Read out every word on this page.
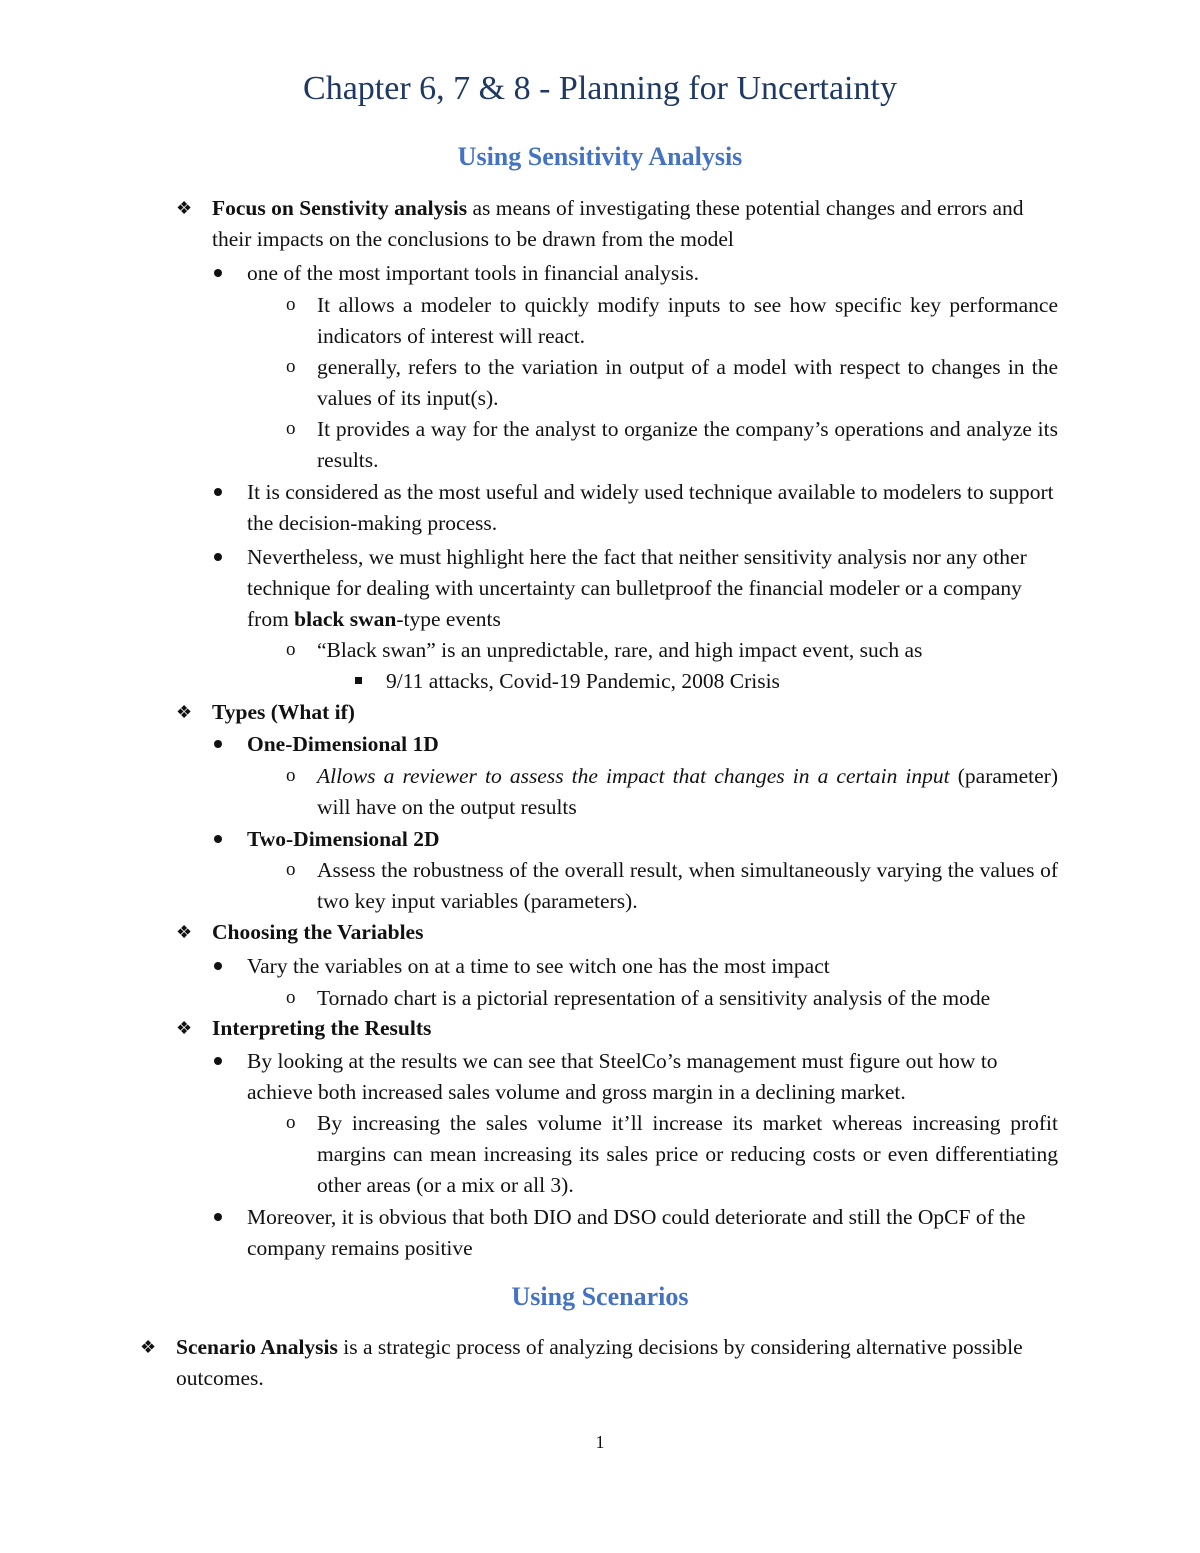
Chapter 6, 7 & 8 - Planning for Uncertainty
Using Sensitivity Analysis
❖ Focus on Senstivity analysis as means of investigating these potential changes and errors and their impacts on the conclusions to be drawn from the model
one of the most important tools in financial analysis.
o It allows a modeler to quickly modify inputs to see how specific key performance indicators of interest will react.
o generally, refers to the variation in output of a model with respect to changes in the values of its input(s).
o It provides a way for the analyst to organize the company’s operations and analyze its results.
It is considered as the most useful and widely used technique available to modelers to support the decision-making process.
Nevertheless, we must highlight here the fact that neither sensitivity analysis nor any other technique for dealing with uncertainty can bulletproof the financial modeler or a company from black swan-type events
o “Black swan” is an unpredictable, rare, and high impact event, such as
9/11 attacks, Covid-19 Pandemic, 2008 Crisis
❖ Types (What if)
One-Dimensional 1D
o Allows a reviewer to assess the impact that changes in a certain input (parameter) will have on the output results
Two-Dimensional 2D
o Assess the robustness of the overall result, when simultaneously varying the values of two key input variables (parameters).
❖ Choosing the Variables
Vary the variables on at a time to see witch one has the most impact
o Tornado chart is a pictorial representation of a sensitivity analysis of the mode
❖ Interpreting the Results
By looking at the results we can see that SteelCo’s management must figure out how to achieve both increased sales volume and gross margin in a declining market.
o By increasing the sales volume it’ll increase its market whereas increasing profit margins can mean increasing its sales price or reducing costs or even differentiating other areas (or a mix or all 3).
Moreover, it is obvious that both DIO and DSO could deteriorate and still the OpCF of the company remains positive
Using Scenarios
❖ Scenario Analysis is a strategic process of analyzing decisions by considering alternative possible outcomes.
1
